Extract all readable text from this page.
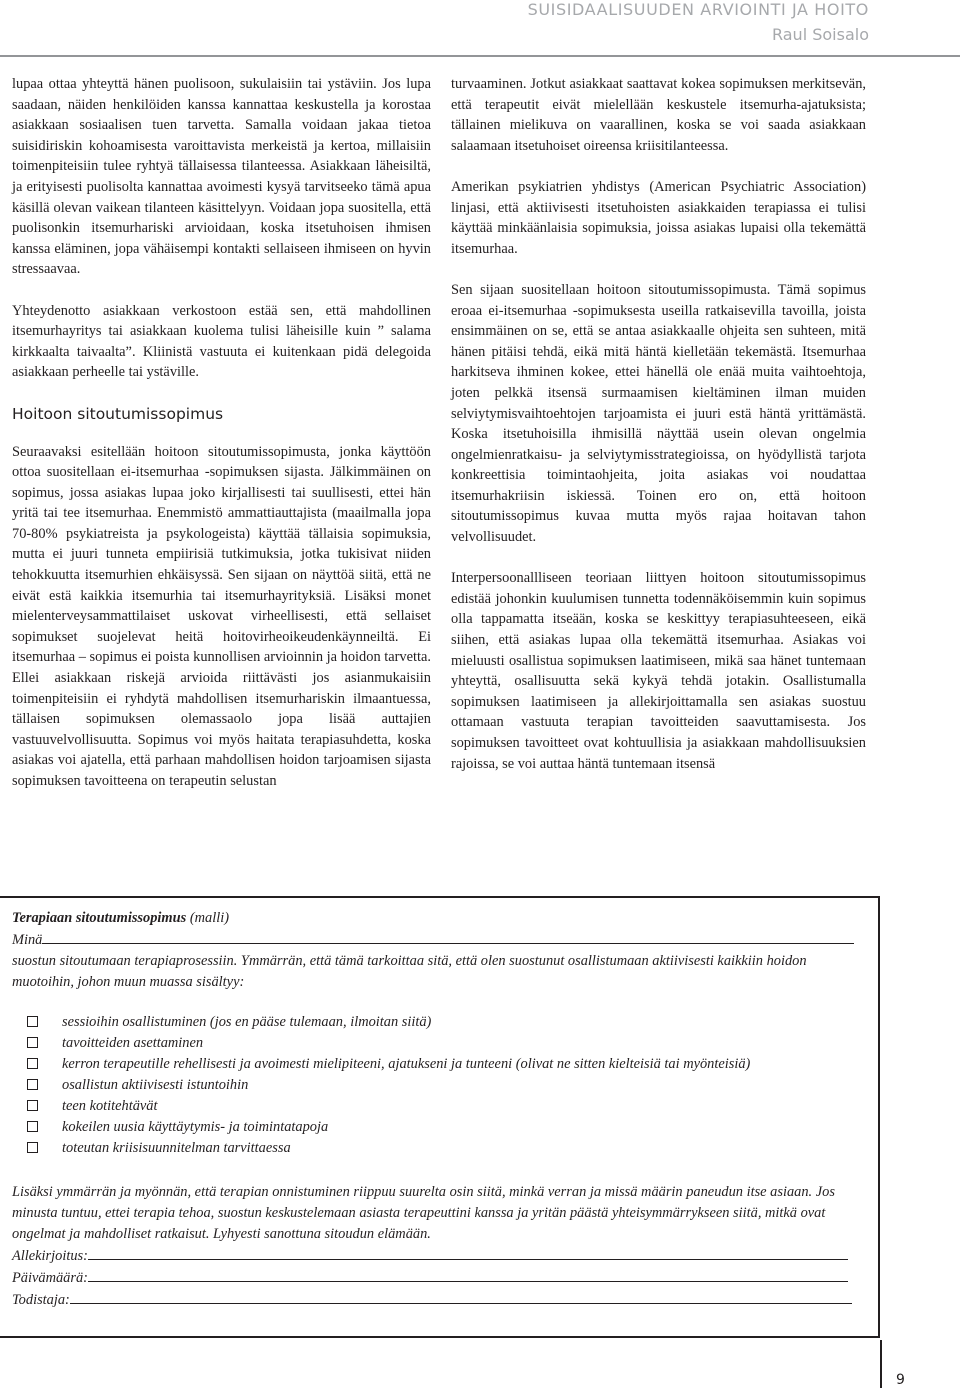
SUISIDAALISUUDEN ARVIOINTI JA HOITO
Raul Soisalo

lupaa ottaa yhteyttä hänen puolisoon, sukulaisiin tai ystäviin. Jos lupa saadaan, näiden henkilöiden kanssa kannattaa keskustella ja korostaa asiakkaan sosiaalisen tuen tarvetta. Samalla voidaan jakaa tietoa suisidiriskin kohoamisesta varoittavista merkeistä ja kertoa, millaisiin toimenpiteisiin tulee ryhtyä tällaisessa tilanteessa. Asiakkaan läheisiltä, ja erityisesti puolisolta kannattaa avoimesti kysyä tarvitseeko tämä apua käsillä olevan vaikean tilanteen käsittelyyn. Voidaan jopa suositella, että puolisonkin itsemurhariski arvioidaan, koska itsetuhoisen ihmisen kanssa eläminen, jopa vähäisempi kontakti sellaiseen ihmiseen on hyvin stressaavaa.

Yhteydenotto asiakkaan verkostoon estää sen, että mahdollinen itsemurhayritys tai asiakkaan kuolema tulisi läheisille kuin ” salama kirkkaalta taivaalta”. Kliinistä vastuuta ei kuitenkaan pidä delegoida asiakkaan perheelle tai ystäville.

Hoitoon sitoutumissopimus

Seuraavaksi esitellään hoitoon sitoutumissopimusta, jonka käyttöön ottoa suositellaan ei-itsemurhaa -sopimuksen sijasta. Jälkimmäinen on sopimus, jossa asiakas lupaa joko kirjallisesti tai suullisesti, ettei hän yritä tai tee itsemurhaa. Enemmistö ammattiauttajista (maailmalla jopa 70-80% psykiatreista ja psykologeista) käyttää tällaisia sopimuksia, mutta ei juuri tunneta empiirisiä tutkimuksia, jotka tukisivat niiden tehokkuutta itsemurhien ehkäisyssä. Sen sijaan on näyttöä siitä, että ne eivät estä kaikkia itsemurhia tai itsemurhayrityksiä. Lisäksi monet mielenterveysammattilaiset uskovat virheellisesti, että sellaiset sopimukset suojelevat heitä hoitovirheoikeudenkäynneiltä. Ei itsemurhaa – sopimus ei poista kunnollisen arvioinnin ja hoidon tarvetta. Ellei asiakkaan riskejä arvioida riittävästi jos asianmukaisiin toimenpiteisiin ei ryhdytä mahdollisen itsemurhariskin ilmaantuessa, tällaisen sopimuksen olemassaolo jopa lisää auttajien vastuuvelvollisuutta. Sopimus voi myös haitata terapiasuhdetta, koska asiakas voi ajatella, että parhaan mahdollisen hoidon tarjoamisen sijasta sopimuksen tavoitteena on terapeutin selustan

turvaaminen. Jotkut asiakkaat saattavat kokea sopimuksen merkitsevän, että terapeutit eivät mielellään keskustele itsemurha-ajatuksista; tällainen mielikuva on vaarallinen, koska se voi saada asiakkaan salaamaan itsetuhoiset oireensa kriisitilanteessa.

Amerikan psykiatrien yhdistys (American Psychiatric Association) linjasi, että aktiivisesti itsetuhoisten asiakkaiden terapiassa ei tulisi käyttää minkäänlaisia sopimuksia, joissa asiakas lupaisi olla tekemättä itsemurhaa.

Sen sijaan suositellaan hoitoon sitoutumissopimusta. Tämä sopimus eroaa ei-itsemurhaa -sopimuksesta useilla ratkaisevilla tavoilla, joista ensimmäinen on se, että se antaa asiakkaalle ohjeita sen suhteen, mitä hänen pitäisi tehdä, eikä mitä häntä kielletään tekemästä. Itsemurhaa harkitseva ihminen kokee, ettei hänellä ole enää muita vaihtoehtoja, joten pelkkä itsensä surmaamisen kieltäminen ilman muiden selviytymisvaihtoehtojen tarjoamista ei juuri estä häntä yrittämästä. Koska itsetuhoisilla ihmisillä näyttää usein olevan ongelmia ongelmienratkaisu- ja selviytymisstrategioissa, on hyödyllistä tarjota konkreettisia toimintaohjeita, joita asiakas voi noudattaa itsemurhakriisin iskiessä. Toinen ero on, että hoitoon sitoutumissopimus kuvaa mutta myös rajaa hoitavan tahon velvollisuudet.

Interpersoonallliseen teoriaan liittyen hoitoon sitoutumissopimus edistää johonkin kuulumisen tunnetta todennäköisemmin kuin sopimus olla tappamatta itseään, koska se keskittyy terapiasuhteeseen, eikä siihen, että asiakas lupaa olla tekemättä itsemurhaa. Asiakas voi mieluusti osallistua sopimuksen laatimiseen, mikä saa hänet tuntemaan yhteyttä, osallisuutta sekä kykyä tehdä jotakin. Osallistumalla sopimuksen laatimiseen ja allekirjoittamalla sen asiakas suostuu ottamaan vastuuta terapian tavoitteiden saavuttamisesta. Jos sopimuksen tavoitteet ovat kohtuullisia ja asiakkaan mahdollisuuksien rajoissa, se voi auttaa häntä tuntemaan itsensä

Terapiaan sitoutumissopimus (malli)

Minä

suostun sitoutumaan terapiaprosessiin. Ymmärrän, että tämä tarkoittaa sitä, että olen suostunut osallistumaan aktiivisesti kaikkiin hoidon muotoihin, johon muun muassa sisältyy:

sessioihin osallistuminen (jos en pääse tulemaan, ilmoitan siitä)
tavoitteiden asettaminen
kerron terapeutille rehellisesti ja avoimesti mielipiteeni, ajatukseni ja tunteeni (olivat ne sitten kielteisiä tai myönteisiä)
osallistun aktiivisesti istuntoihin
teen kotitehtävät
kokeilen uusia käyttäytymis- ja toimintatapoja
toteutan kriisisuunnitelman tarvittaessa

Lisäksi ymmärrän ja myönnän, että terapian onnistuminen riippuu suurelta osin siitä, minkä verran ja missä määrin paneudun itse asiaan. Jos minusta tuntuu, ettei terapia tehoa, suostun keskustelemaan asiasta terapeuttini kanssa ja yritän päästä yhteisymmärrykseen siitä, mitkä ovat ongelmat ja mahdolliset ratkaisut. Lyhyesti sanottuna sitoudun elämään.

Allekirjoitus:

Päivämäärä:

Todistaja:

9
